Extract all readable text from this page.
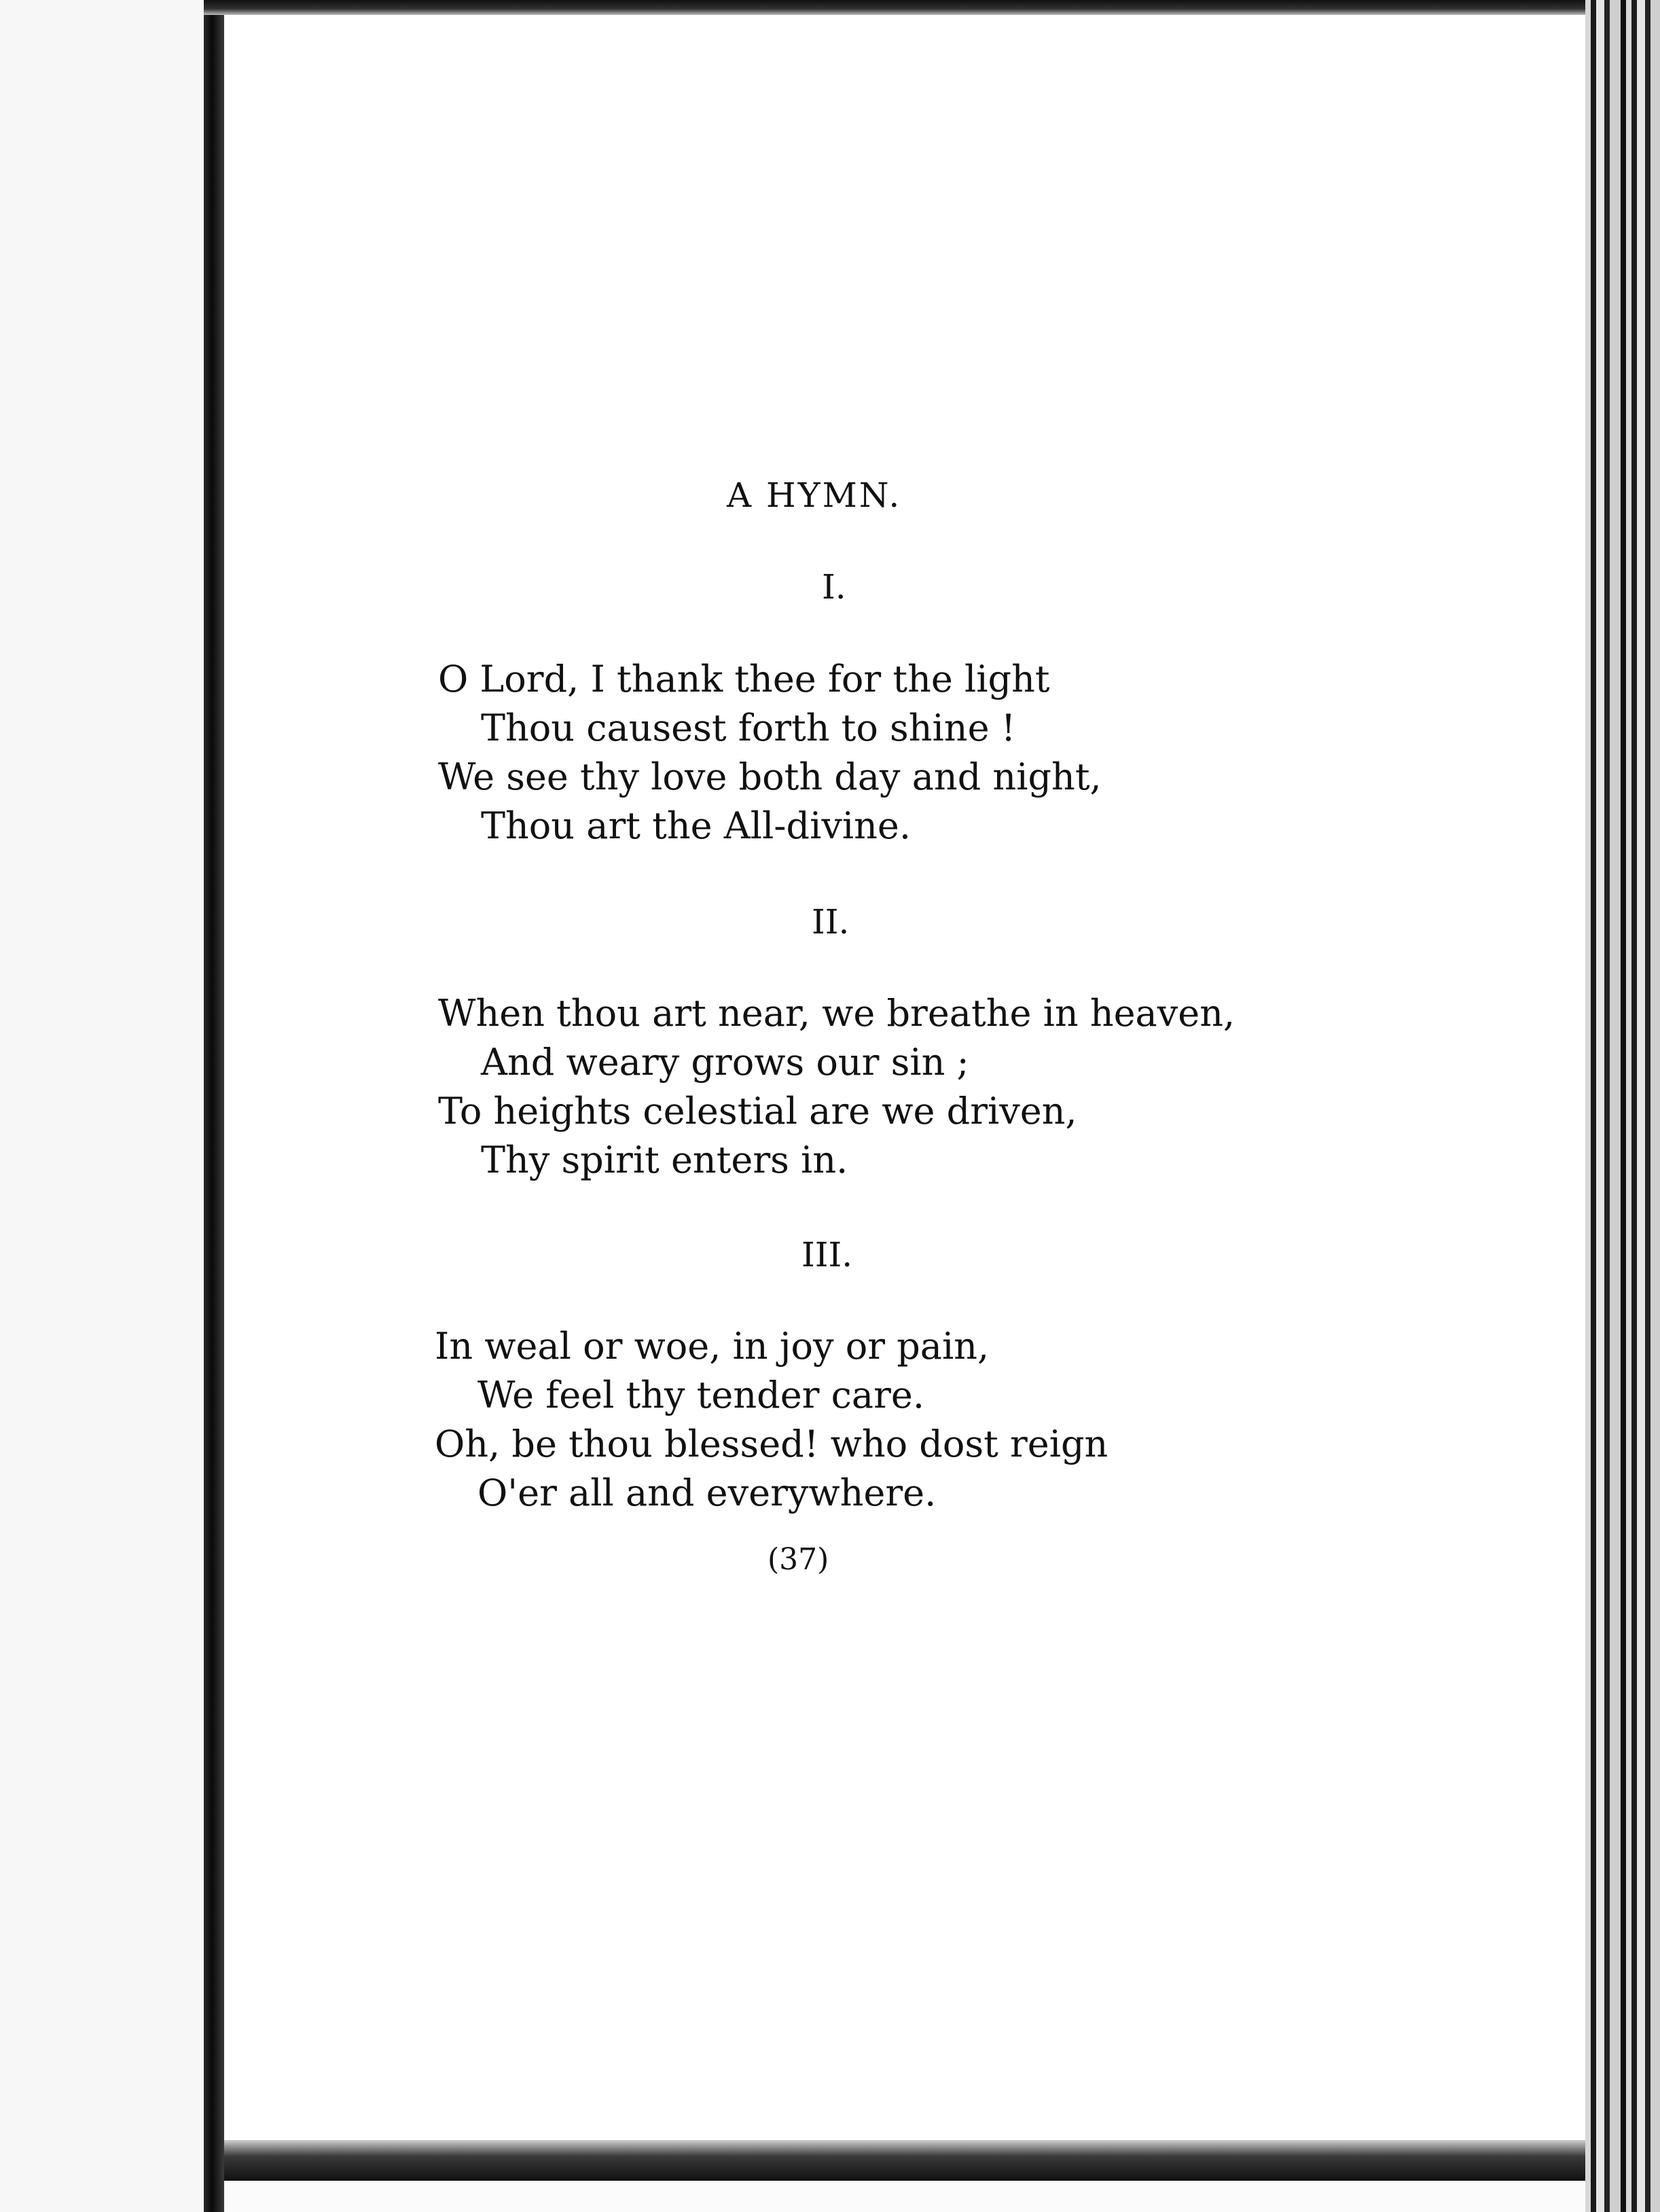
A HYMN.
I.
O Lord, I thank thee for the light
Thou causest forth to shine !
We see thy love both day and night,
Thou art the All-divine.
II.
When thou art near, we breathe in heaven,
And weary grows our sin ;
To heights celestial are we driven,
Thy spirit enters in.
III.
In weal or woe, in joy or pain,
We feel thy tender care.
Oh, be thou blessed! who dost reign
O'er all and everywhere.
(37)
